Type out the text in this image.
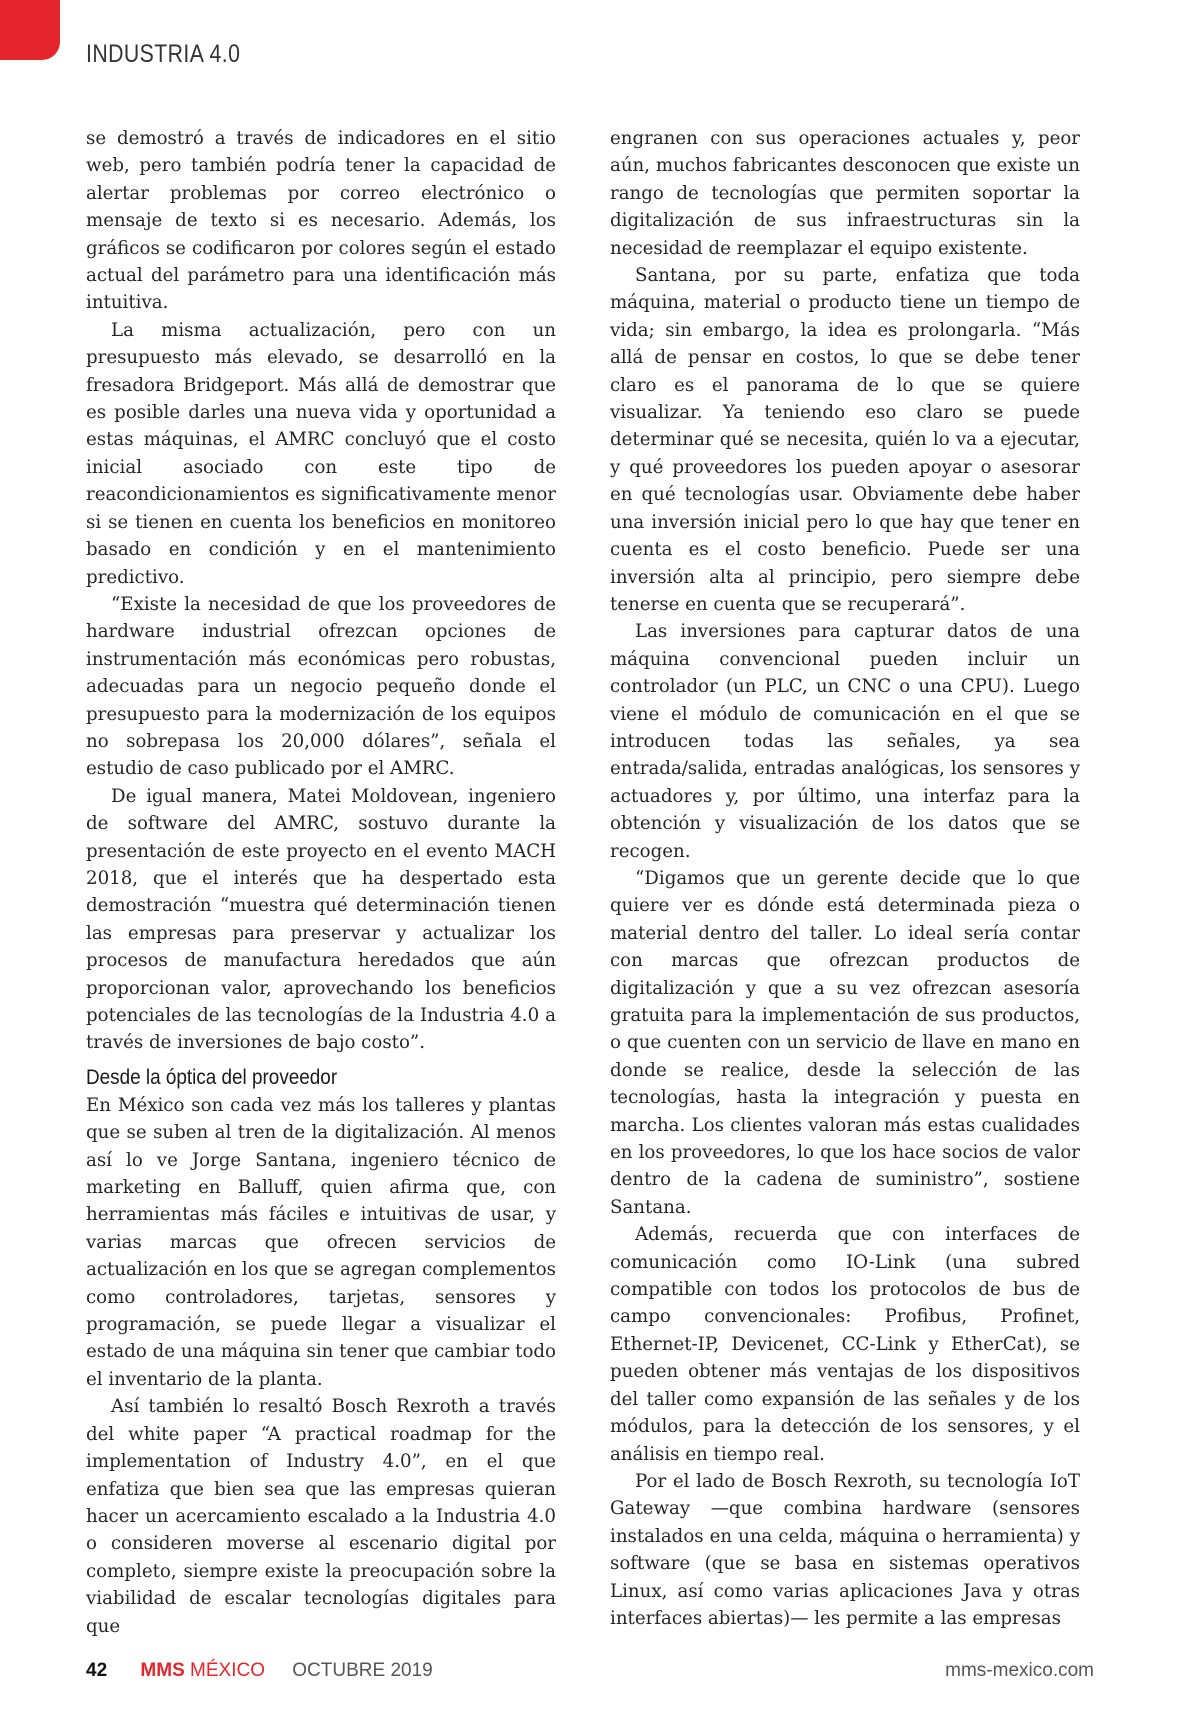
INDUSTRIA 4.0

se demostró a través de indicadores en el sitio web, pero también podría tener la capacidad de alertar problemas por correo electrónico o mensaje de texto si es necesario. Además, los gráficos se codificaron por colores según el estado actual del parámetro para una identificación más intuitiva.

La misma actualización, pero con un presupuesto más elevado, se desarrolló en la fresadora Bridgeport. Más allá de demostrar que es posible darles una nueva vida y oportunidad a estas máquinas, el AMRC concluyó que el costo inicial asociado con este tipo de reacondicionamientos es significativamente menor si se tienen en cuenta los beneficios en monitoreo basado en condición y en el mantenimiento predictivo.

“Existe la necesidad de que los proveedores de hardware industrial ofrezcan opciones de instrumentación más económicas pero robustas, adecuadas para un negocio pequeño donde el presupuesto para la modernización de los equipos no sobrepasa los 20,000 dólares”, señala el estudio de caso publicado por el AMRC.

De igual manera, Matei Moldovean, ingeniero de software del AMRC, sostuvo durante la presentación de este proyecto en el evento MACH 2018, que el interés que ha despertado esta demostración “muestra qué determinación tienen las empresas para preservar y actualizar los procesos de manufactura heredados que aún proporcionan valor, aprovechando los beneficios potenciales de las tecnologías de la Industria 4.0 a través de inversiones de bajo costo”.

Desde la óptica del proveedor

En México son cada vez más los talleres y plantas que se suben al tren de la digitalización. Al menos así lo ve Jorge Santana, ingeniero técnico de marketing en Balluff, quien afirma que, con herramientas más fáciles e intuitivas de usar, y varias marcas que ofrecen servicios de actualización en los que se agregan complementos como controladores, tarjetas, sensores y programación, se puede llegar a visualizar el estado de una máquina sin tener que cambiar todo el inventario de la planta.

Así también lo resaltó Bosch Rexroth a través del white paper “A practical roadmap for the implementation of Industry 4.0”, en el que enfatiza que bien sea que las empresas quieran hacer un acercamiento escalado a la Industria 4.0 o consideren moverse al escenario digital por completo, siempre existe la preocupación sobre la viabilidad de escalar tecnologías digitales para que

engranen con sus operaciones actuales y, peor aún, muchos fabricantes desconocen que existe un rango de tecnologías que permiten soportar la digitalización de sus infraestructuras sin la necesidad de reemplazar el equipo existente.

Santana, por su parte, enfatiza que toda máquina, material o producto tiene un tiempo de vida; sin embargo, la idea es prolongarla. “Más allá de pensar en costos, lo que se debe tener claro es el panorama de lo que se quiere visualizar. Ya teniendo eso claro se puede determinar qué se necesita, quién lo va a ejecutar, y qué proveedores los pueden apoyar o asesorar en qué tecnologías usar. Obviamente debe haber una inversión inicial pero lo que hay que tener en cuenta es el costo beneficio. Puede ser una inversión alta al principio, pero siempre debe tenerse en cuenta que se recuperará”.

Las inversiones para capturar datos de una máquina convencional pueden incluir un controlador (un PLC, un CNC o una CPU). Luego viene el módulo de comunicación en el que se introducen todas las señales, ya sea entrada/salida, entradas analógicas, los sensores y actuadores y, por último, una interfaz para la obtención y visualización de los datos que se recogen.

“Digamos que un gerente decide que lo que quiere ver es dónde está determinada pieza o material dentro del taller. Lo ideal sería contar con marcas que ofrezcan productos de digitalización y que a su vez ofrezcan asesoría gratuita para la implementación de sus productos, o que cuenten con un servicio de llave en mano en donde se realice, desde la selección de las tecnologías, hasta la integración y puesta en marcha. Los clientes valoran más estas cualidades en los proveedores, lo que los hace socios de valor dentro de la cadena de suministro”, sostiene Santana.

Además, recuerda que con interfaces de comunicación como IO-Link (una subred compatible con todos los protocolos de bus de campo convencionales: Profibus, Profinet, Ethernet-IP, Devicenet, CC-Link y EtherCat), se pueden obtener más ventajas de los dispositivos del taller como expansión de las señales y de los módulos, para la detección de los sensores, y el análisis en tiempo real.

Por el lado de Bosch Rexroth, su tecnología IoT Gateway —que combina hardware (sensores instalados en una celda, máquina o herramienta) y software (que se basa en sistemas operativos Linux, así como varias aplicaciones Java y otras interfaces abiertas)— les permite a las empresas

42 MMS MÉXICO OCTUBRE 2019	mms-mexico.com
